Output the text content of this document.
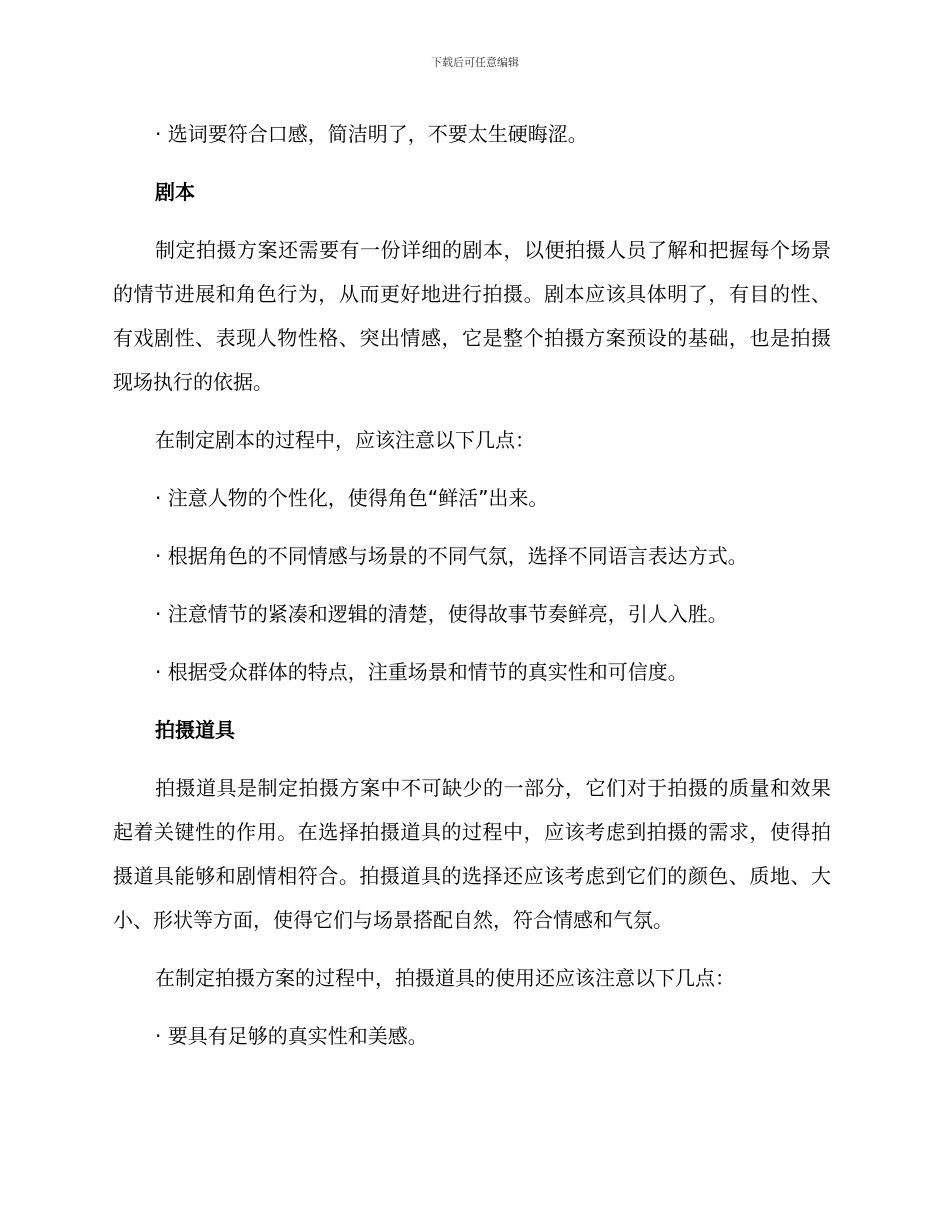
下载后可任意编辑

· 选词要符合口感，简洁明了，不要太生硬晦涩。

剧本

制定拍摄方案还需要有一份详细的剧本，以便拍摄人员了解和把握每个场景的情节进展和角色行为，从而更好地进行拍摄。剧本应该具体明了，有目的性、有戏剧性、表现人物性格、突出情感，它是整个拍摄方案预设的基础，也是拍摄现场执行的依据。

在制定剧本的过程中，应该注意以下几点：

· 注意人物的个性化，使得角色“鲜活”出来。

· 根据角色的不同情感与场景的不同气氛，选择不同语言表达方式。

· 注意情节的紧凑和逻辑的清楚，使得故事节奏鲜亮，引人入胜。

· 根据受众群体的特点，注重场景和情节的真实性和可信度。

拍摄道具

拍摄道具是制定拍摄方案中不可缺少的一部分，它们对于拍摄的质量和效果起着关键性的作用。在选择拍摄道具的过程中，应该考虑到拍摄的需求，使得拍摄道具能够和剧情相符合。拍摄道具的选择还应该考虑到它们的颜色、质地、大小、形状等方面，使得它们与场景搭配自然，符合情感和气氛。

在制定拍摄方案的过程中，拍摄道具的使用还应该注意以下几点：

· 要具有足够的真实性和美感。
